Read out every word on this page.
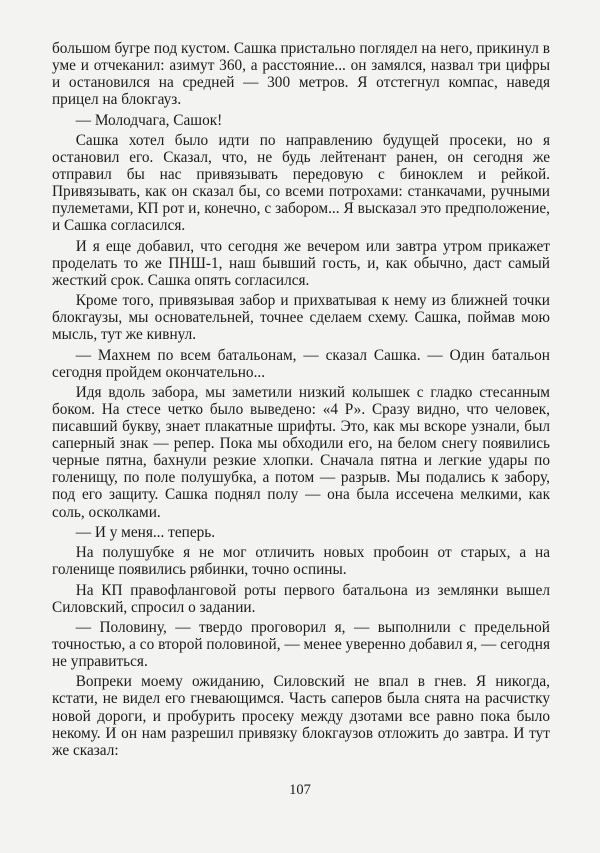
большом бугре под кустом. Сашка пристально поглядел на него, прикинул в уме и отчеканил: азимут 360, а расстояние... он замялся, назвал три цифры и остановился на средней — 300 метров. Я отстегнул компас, наведя прицел на блокгауз.

— Молодчага, Сашок!

Сашка хотел было идти по направлению будущей просеки, но я остановил его. Сказал, что, не будь лейтенант ранен, он сегодня же отправил бы нас привязывать передовую с биноклем и рейкой. Привязывать, как он сказал бы, со всеми потрохами: станкачами, ручными пулеметами, КП рот и, конечно, с забором... Я высказал это предположение, и Сашка согласился.

И я еще добавил, что сегодня же вечером или завтра утром прикажет проделать то же ПНШ-1, наш бывший гость, и, как обычно, даст самый жесткий срок. Сашка опять согласился.

Кроме того, привязывая забор и прихватывая к нему из ближней точки блокгаузы, мы основательней, точнее сделаем схему. Сашка, поймав мою мысль, тут же кивнул.

— Махнем по всем батальонам, — сказал Сашка. — Один батальон сегодня пройдем окончательно...

Идя вдоль забора, мы заметили низкий колышек с гладко стесанным боком. На стесе четко было выведено: «4 Р». Сразу видно, что человек, писавший букву, знает плакатные шрифты. Это, как мы вскоре узнали, был саперный знак — репер. Пока мы обходили его, на белом снегу появились черные пятна, бахнули резкие хлопки. Сначала пятна и легкие удары по голенищу, по поле полушубка, а потом — разрыв. Мы подались к забору, под его защиту. Сашка поднял полу — она была иссечена мелкими, как соль, осколками.

— И у меня... теперь.

На полушубке я не мог отличить новых пробоин от старых, а на голенище появились рябинки, точно оспины.

На КП правофланговой роты первого батальона из землянки вышел Силовский, спросил о задании.

— Половину, — твердо проговорил я, — выполнили с предельной точностью, а со второй половиной, — менее уверенно добавил я, — сегодня не управиться.

Вопреки моему ожиданию, Силовский не впал в гнев. Я никогда, кстати, не видел его гневающимся. Часть саперов была снята на расчистку новой дороги, и пробурить просеку между дзотами все равно пока было некому. И он нам разрешил привязку блокгаузов отложить до завтра. И тут же сказал:

107
